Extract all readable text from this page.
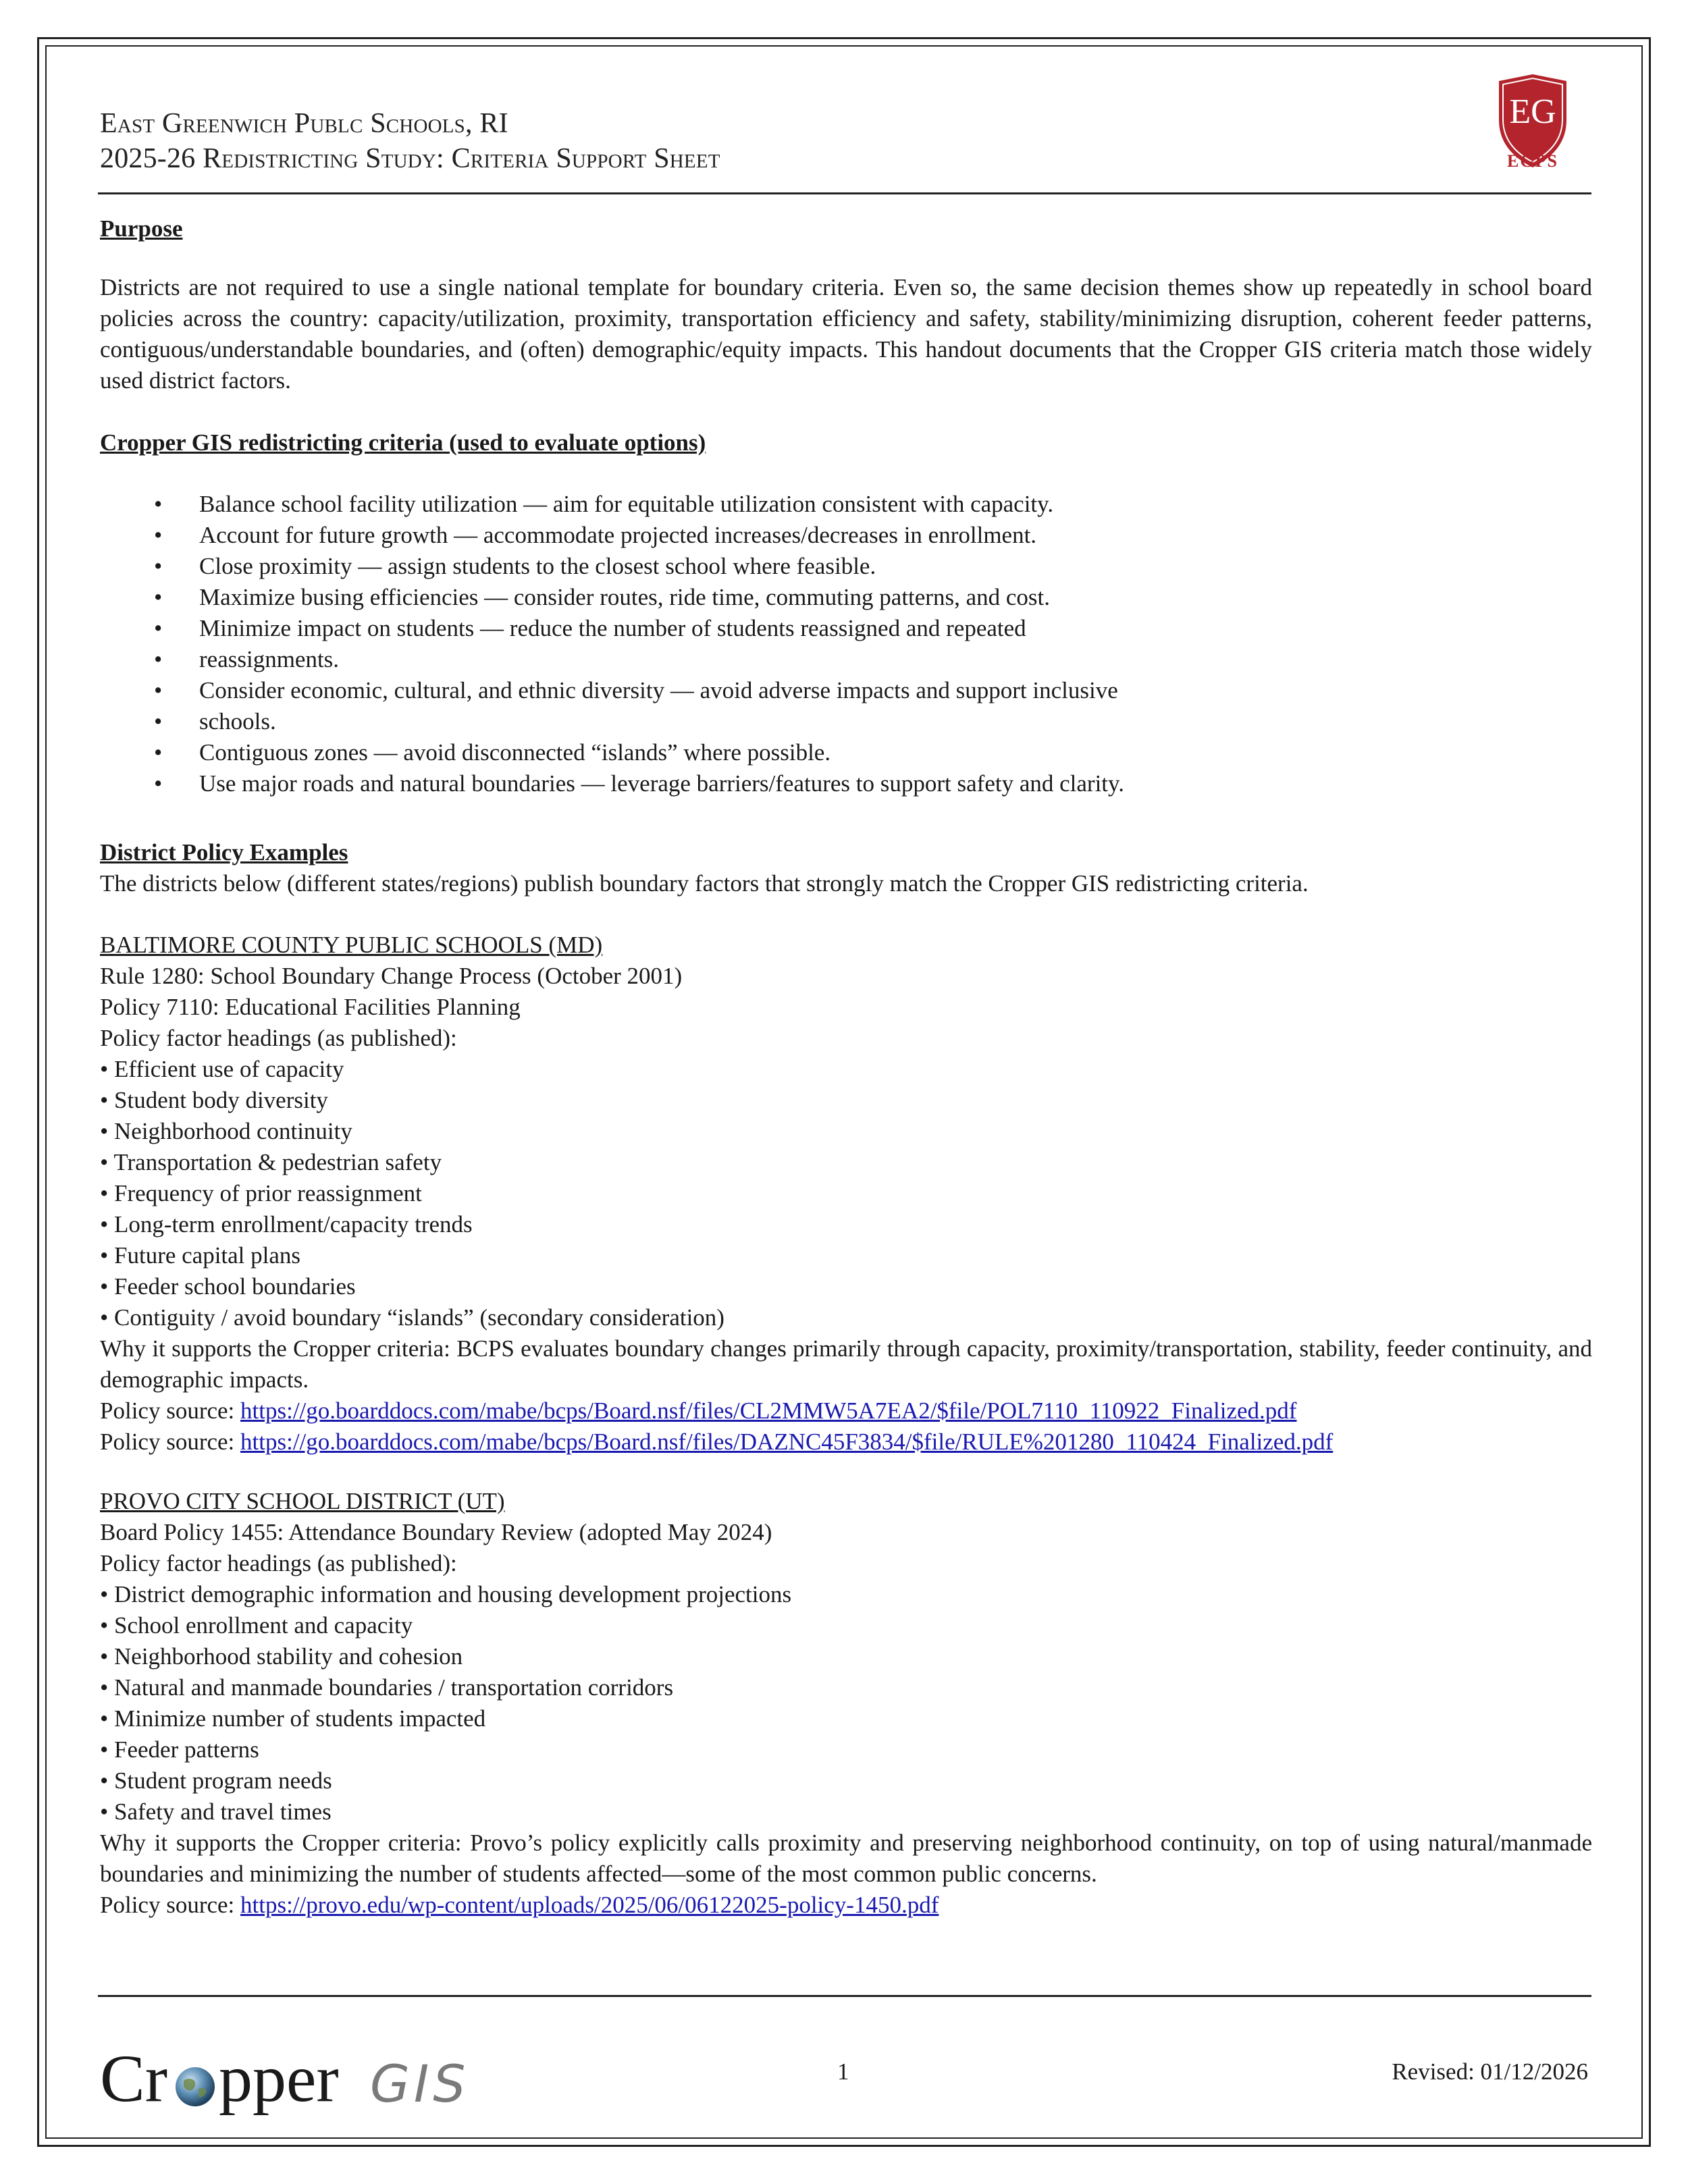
East Greenwich Publc Schools, RI
2025-26 Redistricting Study: Criteria Support Sheet
EG
EGPS
Purpose
Districts are not required to use a single national template for boundary criteria. Even so, the same decision themes show up repeatedly in school board policies across the country: capacity/utilization, proximity, transportation efficiency and safety, stability/minimizing disruption, coherent feeder patterns, contiguous/understandable boundaries, and (often) demographic/equity impacts. This handout documents that the Cropper GIS criteria match those widely used district factors.
Cropper GIS redistricting criteria (used to evaluate options)
• Balance school facility utilization — aim for equitable utilization consistent with capacity.
• Account for future growth — accommodate projected increases/decreases in enrollment.
• Close proximity — assign students to the closest school where feasible.
• Maximize busing efficiencies — consider routes, ride time, commuting patterns, and cost.
• Minimize impact on students — reduce the number of students reassigned and repeated
• reassignments.
• Consider economic, cultural, and ethnic diversity — avoid adverse impacts and support inclusive
• schools.
• Contiguous zones — avoid disconnected “islands” where possible.
• Use major roads and natural boundaries — leverage barriers/features to support safety and clarity.
District Policy Examples
The districts below (different states/regions) publish boundary factors that strongly match the Cropper GIS redistricting criteria.
BALTIMORE COUNTY PUBLIC SCHOOLS (MD)
Rule 1280: School Boundary Change Process (October 2001)
Policy 7110: Educational Facilities Planning
Policy factor headings (as published):
• Efficient use of capacity
• Student body diversity
• Neighborhood continuity
• Transportation & pedestrian safety
• Frequency of prior reassignment
• Long-term enrollment/capacity trends
• Future capital plans
• Feeder school boundaries
• Contiguity / avoid boundary “islands” (secondary consideration)
Why it supports the Cropper criteria: BCPS evaluates boundary changes primarily through capacity, proximity/transportation, stability, feeder continuity, and demographic impacts.
Policy source: https://go.boarddocs.com/mabe/bcps/Board.nsf/files/CL2MMW5A7EA2/$file/POL7110_110922_Finalized.pdf
Policy source: https://go.boarddocs.com/mabe/bcps/Board.nsf/files/DAZNC45F3834/$file/RULE%201280_110424_Finalized.pdf
PROVO CITY SCHOOL DISTRICT (UT)
Board Policy 1455: Attendance Boundary Review (adopted May 2024)
Policy factor headings (as published):
• District demographic information and housing development projections
• School enrollment and capacity
• Neighborhood stability and cohesion
• Natural and manmade boundaries / transportation corridors
• Minimize number of students impacted
• Feeder patterns
• Student program needs
• Safety and travel times
Why it supports the Cropper criteria: Provo’s policy explicitly calls proximity and preserving neighborhood continuity, on top of using natural/manmade boundaries and minimizing the number of students affected—some of the most common public concerns.
Policy source: https://provo.edu/wp-content/uploads/2025/06/06122025-policy-1450.pdf
Cr pper GIS	1	Revised: 01/12/2026
